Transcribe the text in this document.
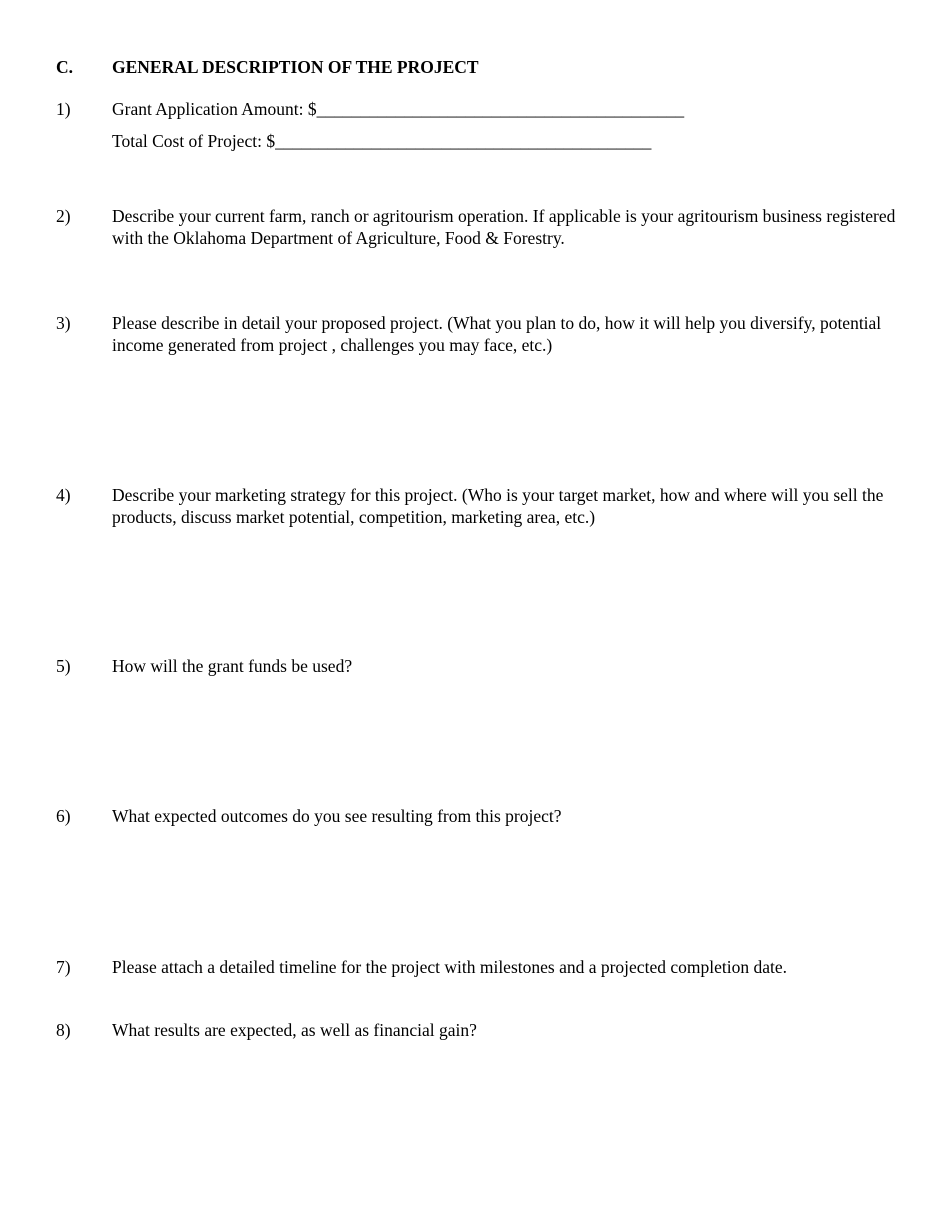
C. GENERAL DESCRIPTION OF THE PROJECT
1) Grant Application Amount: $__________________________________________
Total Cost of Project: $___________________________________________
2) Describe your current farm, ranch or agritourism operation. If applicable is your agritourism business registered with the Oklahoma Department of Agriculture, Food & Forestry.
3) Please describe in detail your proposed project. (What you plan to do, how it will help you diversify, potential income generated from project , challenges you may face, etc.)
4) Describe your marketing strategy for this project. (Who is your target market, how and where will you sell the products, discuss market potential, competition, marketing area, etc.)
5) How will the grant funds be used?
6) What expected outcomes do you see resulting from this project?
7) Please attach a detailed timeline for the project with milestones and a projected completion date.
8) What results are expected, as well as financial gain?
